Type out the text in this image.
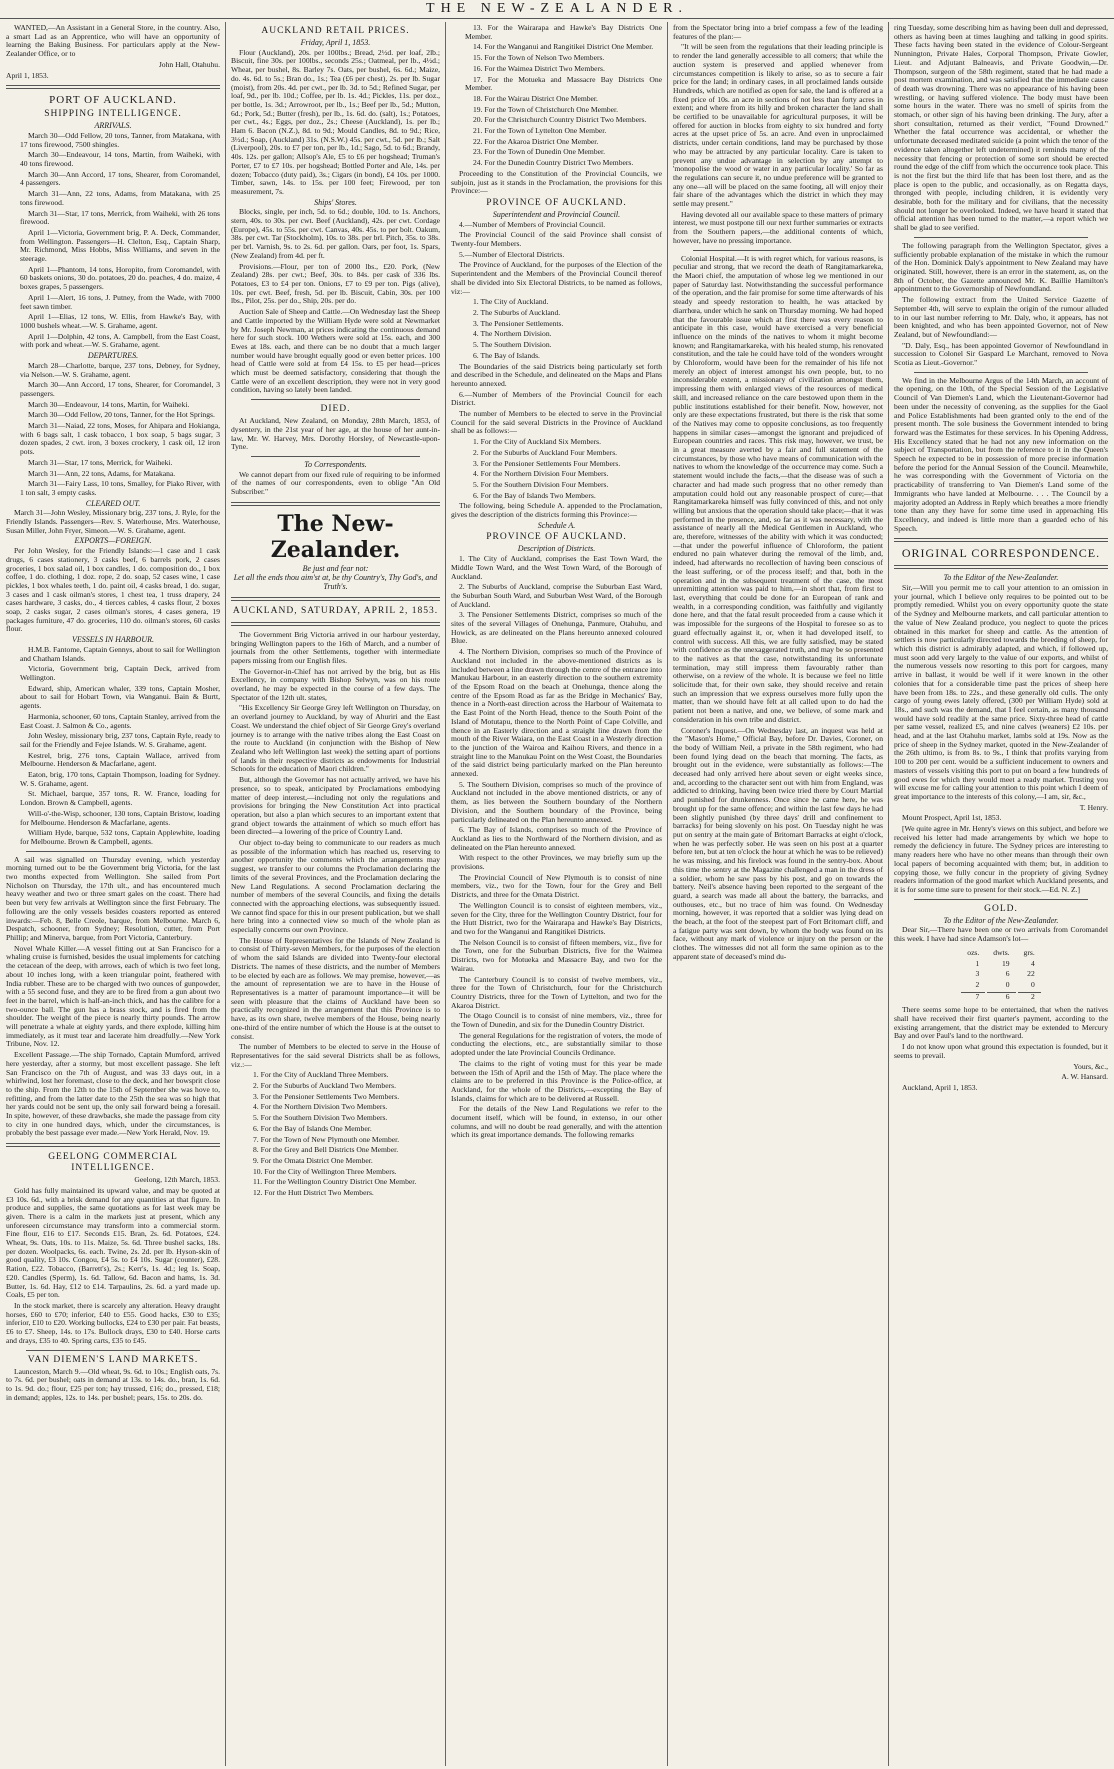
THE NEW-ZEALANDER.

WANTED,—An Assistant in a General Store, in the country. Also, a smart Lad as an Apprentice, who will have an opportunity of learning the Baking Business. For particulars apply at the New-Zealander Office, or to

John Hall, Otahuhu.

April 1, 1853.

PORT OF AUCKLAND.
SHIPPING INTELLIGENCE.
ARRIVALS.

March 30—Odd Fellow, 20 tons, Tanner, from Matakana, with 17 tons firewood, 7500 shingles.

March 30—Endeavour, 14 tons, Martin, from Waiheki, with 40 tons firewood.

March 30—Ann Accord, 17 tons, Shearer, from Coromandel, 4 passengers.

March 31—Ann, 22 tons, Adams, from Matakana, with 25 tons firewood.

March 31—Star, 17 tons, Merrick, from Waiheki, with 26 tons firewood.

April 1—Victoria, Government brig, P. A. Deck, Commander, from Wellington. Passengers—H. Clelton, Esq., Captain Sharp, Mr. Richmond, Miss Hobbs, Miss Williams, and seven in the steerage.

April 1—Phantom, 14 tons, Horopito, from Coromandel, with 60 baskets onions, 30 do. potatoes, 20 do. peaches, 4 do. maize, 4 boxes grapes, 5 passengers.

April 1—Alert, 16 tons, J. Putney, from the Wade, with 7000 feet sawn timber.

April 1—Elias, 12 tons, W. Ellis, from Hawke's Bay, with 1000 bushels wheat.—W. S. Grahame, agent.

April 1—Dolphin, 42 tons, A. Campbell, from the East Coast, with pork and wheat.—W. S. Grahame, agent.

DEPARTURES.

March 28—Charlotte, barque, 237 tons, Debney, for Sydney, via Nelson.—W. S. Grahame, agent.

March 30—Ann Accord, 17 tons, Shearer, for Coromandel, 3 passengers.

March 30—Endeavour, 14 tons, Martin, for Waiheki.

March 30—Odd Fellow, 20 tons, Tanner, for the Hot Springs.

March 31—Naiad, 22 tons, Moses, for Ahipara and Hokianga, with 6 bags salt, 1 cask tobacco, 1 box soap, 5 bags sugar, 3 dozen spades, 2 cwt. iron, 3 boxes crockery, 1 cask oil, 12 iron pots.

March 31—Star, 17 tons, Merrick, for Waiheki.

March 31—Ann, 22 tons, Adams, for Matakana.

March 31—Fairy Lass, 10 tons, Smalley, for Piako River, with 1 ton salt, 3 empty casks.

CLEARED OUT.

March 31—John Wesley, Missionary brig, 237 tons, J. Ryle, for the Friendly Islands. Passengers—Rev. S. Waterhouse, Mrs. Waterhouse, Susan Miller, John Fryer, Simeon.—W. S. Grahame, agent.

EXPORTS—FOREIGN.

Per John Wesley, for the Friendly Islands:—1 case and 1 cask drugs, 6 cases stationery, 3 casks beef, 6 barrels pork, 2 cases groceries, 1 box salad oil, 1 box candles, 1 do. composition do., 1 box coffee, 1 do. clothing, 1 doz. rope, 2 do. soap, 52 cases wine, 1 case pickles, 1 box whales teeth, 1 do. paint oil, 4 casks bread, 1 do. sugar, 3 cases and 1 cask oilman's stores, 1 chest tea, 1 truss drapery, 24 cases hardware, 3 casks, do., 4 tierces cables, 4 casks flour, 2 boxes soap, 2 casks sugar, 2 cases oilman's stores, 4 cases genera, 19 packages furniture, 47 do. groceries, 110 do. oilman's stores, 60 casks flour.

VESSELS IN HARBOUR.

H.M.B. Fantome, Captain Gennys, about to sail for Wellington and Chatham Islands.

Victoria, Government brig, Captain Deck, arrived from Wellington.

Edward, ship, American whaler, 339 tons, Captain Mosher, about to sail for Hobart Town, via Wanganui. Bain & Burtt, agents.

Harmonia, schooner, 60 tons, Captain Stanley, arrived from the East Coast. J. Salmon & Co., agents.

John Wesley, missionary brig, 237 tons, Captain Ryle, ready to sail for the Friendly and Fejee Islands. W. S. Grahame, agent.

Kestrel, brig, 276 tons, Captain Wallace, arrived from Melbourne. Henderson & Macfarlane, agent.

Eaton, brig, 170 tons, Captain Thompson, loading for Sydney. W. S. Grahame, agent.

St. Michael, barque, 357 tons, R. W. France, loading for London. Brown & Campbell, agents.

Will-o'-the-Wisp, schooner, 130 tons, Captain Bristow, loading for Melbourne. Henderson & Macfarlane, agents.

William Hyde, barque, 532 tons, Captain Applewhite, loading for Melbourne. Brown & Campbell, agents.

A sail was signalled on Thursday evening, which yesterday morning turned out to be the Government brig Victoria, for the last two months expected from Wellington. She sailed from Port Nicholson on Thursday, the 17th ult., and has encountered much heavy weather and two or three smart gales on the coast. There had been but very few arrivals at Wellington since the first February. The following are the only vessels besides coasters reported as entered inwards:—Feb. 8, Belle Creole, barque, from Melbourne. March 6, Despatch, schooner, from Sydney; Resolution, cutter, from Port Phillip; and Minerva, barque, from Port Victoria, Canterbury.

Novel Whale Killer.—A vessel fitting out at San Francisco for a whaling cruise is furnished, besides the usual implements for catching the cetacean of the deep, with arrows, each of which is two feet long, about 10 inches long, with a keen triangular point, feathered with India rubber. These are to be charged with two ounces of gunpowder, with a 55 second fuse, and they are to be fired from a gun about two feet in the barrel, which is half-an-inch thick, and has the calibre for a two-ounce ball. The gun has a brass stock, and is fired from the shoulder. The weight of the piece is nearly thirty pounds. The arrow will penetrate a whale at eighty yards, and there explode, killing him immediately, as it must tear and lacerate him dreadfully.—New York Tribune, Nov. 12.

Excellent Passage.—The ship Tornado, Captain Mumford, arrived here yesterday, after a stormy, but most excellent passage. She left San Francisco on the 7th of August, and was 33 days out, in a whirlwind, lost her foremast, close to the deck, and her bowsprit close to the ship. From the 12th to the 15th of September she was hove to, refitting, and from the latter date to the 25th the sea was so high that her yards could not be sent up, the only sail forward being a foresail. In spite, however, of these drawbacks, she made the passage from city to city in one hundred days, which, under the circumstances, is probably the best passage ever made.—New York Herald, Nov. 19.

GEELONG COMMERCIAL INTELLIGENCE.

Geelong, 12th March, 1853.

Gold has fully maintained its upward value, and may be quoted at £3 10s. 6d., with a brisk demand for any quantities at that figure. In produce and supplies, the same quotations as for last week may be given. There is a calm in the markets just at present, which any unforeseen circumstance may transform into a commercial storm. Fine flour, £16 to £17. Seconds £15. Bran, 2s. 6d. Potatoes, £24. Wheat, 9s. Oats, 10s. to 11s. Maize, 5s. 6d. Three bushel sacks, 18s. per dozen. Woolpacks, 6s. each. Twine, 2s. 2d. per lb. Hyson-skin of good quality, £3 10s. Congou, £4 5s. to £4 10s. Sugar (counter), £28. Ration, £22. Tobacco, (Barrett's), 2s.; Kerr's, 1s. 4d.; leg 1s. Soap, £20. Candles (Sperm), 1s. 6d. Tallow, 6d. Bacon and hams, 1s. 3d. Butter, 1s. 6d. Hay, £12 to £14. Tarpaulins, 2s. 6d. a yard made up. Coals, £5 per ton.

In the stock market, there is scarcely any alteration. Heavy draught horses, £60 to £70; inferior, £40 to £55. Good hacks, £30 to £35; inferior, £10 to £20. Working bullocks, £24 to £30 per pair. Fat beasts, £6 to £7. Sheep, 14s. to 17s. Bullock drays, £30 to £40. Horse carts and drays, £35 to 40. Spring carts, £35 to £45.

VAN DIEMEN'S LAND MARKETS.

Launceston, March 9.—Old wheat, 9s. 6d. to 10s.; English oats, 7s. to 7s. 6d. per bushel; oats in demand at 13s. to 14s. do., bran, 1s. 6d. to 1s. 9d. do.; flour, £25 per ton; hay trussed, £16; do., pressed, £18; in demand; apples, 12s. to 14s. per bushel; pears, 15s. to 20s. do.

AUCKLAND RETAIL PRICES.
Friday, April 1, 1853.

Flour (Auckland), 20s. per 100lbs.; Bread, 2½d. per loaf, 2lb.; Biscuit, fine 30s. per 100lbs., seconds 25s.; Oatmeal, per lb., 4½d.; Wheat, per bushel, 8s. Barley 7s. Oats, per bushel, 6s. 6d.; Maize, do. 4s. 6d. to 5s.; Bran do., 1s.; Tea (£6 per chest), 2s. per lb. Sugar (moist), from 20s. 4d. per cwt., per lb. 3d. to 5d.; Refined Sugar, per loaf, 9d., per lb. 10d.; Coffee, per lb. 1s. 4d.; Pickles, 11s. per doz., per bottle, 1s. 3d.; Arrowroot, per lb., 1s.; Beef per lb., 5d.; Mutton, 6d.; Pork, 5d.; Butter (fresh), per lb., 1s. 6d. do. (salt), 1s.; Potatoes, per cwt., 4s.; Eggs, per doz., 2s.; Cheese (Auckland), 1s. per lb.; Ham 6. Bacon (N.Z.), 8d. to 9d.; Mould Candles, 8d. to 9d.; Rice, 3½d.; Soap, (Auckland) 31s. (N.S.W.) 45s. per cwt., 5d. per lb.; Salt (Liverpool), 20s. to £7 per ton, per lb., 1d.; Sago, 5d. to 6d.; Brandy, 40s. 12s. per gallon; Allsop's Ale, £5 to £6 per hogshead; Truman's Porter, £7 to £7 10s. per hogshead; Bottled Porter and Ale, 14s. per dozen; Tobacco (duty paid), 3s.; Cigars (in bond), £4 10s. per 1000. Timber, sawn, 14s. to 15s. per 100 feet; Firewood, per ton measurement, 7s.

Ships' Stores.

Blocks, single, per inch, 5d. to 6d.; double, 10d. to 1s. Anchors, stern, 40s. to 30s. per cwt. Beef (Auckland), 42s. per cwt. Cordage (Europe), 45s. to 55s. per cwt. Canvas, 40s. 45s. to per bolt. Oakum, 38s. per cwt. Tar (Stockholm), 10s. to 38s. per brl. Pitch, 35s. to 38s. per brl. Varnish, 9s. to 2s. 6d. per gallon. Oars, per foot, 1s. Spars, (New Zealand) from 4d. per ft.

Provisions.—Flour, per ton of 2000 lbs., £20. Pork, (New Zealand) 28s. per cwt.; Beef, 30s. to 84s. per cask of 336 lbs. Potatoes, £3 to £4 per ton. Onions, £7 to £9 per ton. Pigs (alive), 10s. per cwt. Beef, fresh, 5d. per lb. Biscuit, Cabin, 30s. per 100 lbs., Pilot, 25s. per do., Ship, 20s. per do.

Auction Sale of Sheep and Cattle.—On Wednesday last the Sheep and Cattle imported by the William Hyde were sold at Newmarket by Mr. Joseph Newman, at prices indicating the continuous demand here for such stock. 100 Wethers were sold at 15s. each, and 300 Ewes at 18s. each, and there can be no doubt that a much larger number would have brought equally good or even better prices. 100 head of Cattle were sold at from £4 15s. to £5 per head—prices which must be deemed satisfactory, considering that though the Cattle were of an excellent description, they were not in very good condition, having so lately been landed.

DIED.

At Auckland, New Zealand, on Monday, 28th March, 1853, of dysentery, in the 21st year of her age, at the house of her aunt-in-law, Mr. W. Harvey, Mrs. Dorothy Horsley, of Newcastle-upon-Tyne.

To Correspondents.

We cannot depart from our fixed rule of requiring to be informed of the names of our correspondents, even to oblige "An Old Subscriber."

The New-Zealander.
Be just and fear not:
Let all the ends thou aim'st at, be thy Country's, Thy God's, and Truth's.
AUCKLAND, SATURDAY, APRIL 2, 1853.

The Government Brig Victoria arrived in our harbour yesterday, bringing Wellington papers to the 16th of March, and a number of journals from the other Settlements, together with intermediate papers missing from our English files.

The Governor-in-Chief has not arrived by the brig, but as His Excellency, in company with Bishop Selwyn, was on his route overland, he may be expected in the course of a few days. The Spectator of the 12th ult. states,

"His Excellency Sir George Grey left Wellington on Thursday, on an overland journey to Auckland, by way of Ahuriri and the East Coast. We understand the chief object of Sir George Grey's overland journey is to arrange with the native tribes along the East Coast on the route to Auckland (in conjunction with the Bishop of New Zealand who left Wellington last week) the setting apart of portions of lands in their respective districts as endowments for Industrial Schools for the education of Maori children."

But, although the Governor has not actually arrived, we have his presence, so to speak, anticipated by Proclamations embodying matter of deep interest,—including not only the regulations and provisions for bringing the New Constitution Act into practical operation, but also a plan which secures to an important extent that grand object towards the attainment of which so much effort has been directed—a lowering of the price of Country Land.

Our object to-day being to communicate to our readers as much as possible of the information which has reached us, reserving to another opportunity the comments which the arrangements may suggest, we transfer to our columns the Proclamation declaring the limits of the several Provinces, and the Proclamation declaring the New Land Regulations. A second Proclamation declaring the number of members of the several Councils, and fixing the details connected with the approaching elections, was subsequently issued. We cannot find space for this in our present publication, but we shall here bring into a connected view so much of the whole plan as especially concerns our own Province.

The House of Representatives for the Islands of New Zealand is to consist of Thirty-seven Members, for the purposes of the election of whom the said Islands are divided into Twenty-four electoral Districts. The names of these districts, and the number of Members to be elected by each are as follows. We may premise, however,—as the amount of representation we are to have in the House of Representatives is a matter of paramount importance—it will be seen with pleasure that the claims of Auckland have been so practically recognized in the arrangement that this Province is to have, as its own share, twelve members of the House, being nearly one-third of the entire number of which the House is at the outset to consist.

The number of Members to be elected to serve in the House of Representatives for the said several Districts shall be as follows, viz.:—

1. For the City of Auckland Three Members.

2. For the Suburbs of Auckland Two Members.

3. For the Pensioner Settlements Two Members.

4. For the Northern Division Two Members.

5. For the Southern Division Two Members.

6. For the Bay of Islands One Member.

7. For the Town of New Plymouth one Member.

8. For the Grey and Bell Districts One Member.

9. For the Omata District One Member.

10. For the City of Wellington Three Members.

11. For the Wellington Country District One Member.

12. For the Hutt District Two Members.

13. For the Wairarapa and Hawke's Bay Districts One Member.

14. For the Wanganui and Rangitikei District One Member.

15. For the Town of Nelson Two Members.

16. For the Waimea District Two Members.

17. For the Motueka and Massacre Bay Districts One Member.

18. For the Wairau District One Member.

19. For the Town of Christchurch One Member.

20. For the Christchurch Country District Two Members.

21. For the Town of Lyttelton One Member.

22. For the Akaroa District One Member.

23. For the Town of Dunedin One Member.

24. For the Dunedin Country District Two Members.

Proceeding to the Constitution of the Provincial Councils, we subjoin, just as it stands in the Proclamation, the provisions for this Province:—

PROVINCE OF AUCKLAND.
Superintendent and Provincial Council.

4.—Number of Members of Provincial Council.

The Provincial Council of the said Province shall consist of Twenty-four Members.

5.—Number of Electoral Districts.

The Province of Auckland, for the purposes of the Election of the Superintendent and the Members of the Provincial Council thereof shall be divided into Six Electoral Districts, to be named as follows, viz:—

1. The City of Auckland.

2. The Suburbs of Auckland.

3. The Pensioner Settlements.

4. The Northern Division.

5. The Southern Division.

6. The Bay of Islands.

The Boundaries of the said Districts being particularly set forth and described in the Schedule, and delineated on the Maps and Plans hereunto annexed.

6.—Number of Members of the Provincial Council for each District.

The number of Members to be elected to serve in the Provincial Council for the said several Districts in the Province of Auckland shall be as follows:—

1. For the City of Auckland Six Members.

2. For the Suburbs of Auckland Four Members.

3. For the Pensioner Settlements Four Members.

4. For the Northern Division Four Members.

5. For the Southern Division Four Members.

6. For the Bay of Islands Two Members.

The following, being Schedule A. appended to the Proclamation, gives the description of the districts forming this Province:—

Schedule A.
PROVINCE OF AUCKLAND.
Description of Districts.

1. The City of Auckland, comprises the East Town Ward, the Middle Town Ward, and the West Town Ward, of the Borough of Auckland.

2. The Suburbs of Auckland, comprise the Suburban East Ward, the Suburban South Ward, and Suburban West Ward, of the Borough of Auckland.

3. The Pensioner Settlements District, comprises so much of the sites of the several Villages of Onehunga, Panmure, Otahuhu, and Howick, as are delineated on the Plans hereunto annexed coloured Blue.

4. The Northern Division, comprises so much of the Province of Auckland not included in the above-mentioned districts as is included between a line drawn through the centre of the entrance into Manukau Harbour, in an easterly direction to the southern extremity of the Epsom Road on the beach at Onehunga, thence along the centre of the Epsom Road as far as the Bridge in Mechanics' Bay, thence in a North-east direction across the Harbour of Waitemata to the East Point of the North Head, thence to the South Point of the Island of Motutapu, thence to the North Point of Cape Colville, and thence in an Easterly direction and a straight line drawn from the mouth of the River Waiara, on the East Coast in a Westerly direction to the junction of the Wairoa and Kaihou Rivers, and thence in a straight line to the Manukau Point on the West Coast, the Boundaries of the said district being particularly marked on the Plan hereunto annexed.

5. The Southern Division, comprises so much of the province of Auckland not included in the above mentioned districts, or any of them, as lies between the Southern boundary of the Northern Division, and the Southern boundary of the Province, being particularly delineated on the Plan hereunto annexed.

6. The Bay of Islands, comprises so much of the Province of Auckland as lies to the Northward of the Northern division, and as delineated on the Plan hereunto annexed.

With respect to the other Provinces, we may briefly sum up the provisions.

The Provincial Council of New Plymouth is to consist of nine members, viz., two for the Town, four for the Grey and Bell Districts, and three for the Omata District.

The Wellington Council is to consist of eighteen members, viz., seven for the City, three for the Wellington Country District, four for the Hutt District, two for the Wairarapa and Hawke's Bay Districts, and two for the Wanganui and Rangitikei Districts.

The Nelson Council is to consist of fifteen members, viz., five for the Town, one for the Suburban Districts, five for the Waimea Districts, two for Motueka and Massacre Bay, and two for the Wairau.

The Canterbury Council is to consist of twelve members, viz., three for the Town of Christchurch, four for the Christchurch Country Districts, three for the Town of Lyttelton, and two for the Akaroa District.

The Otago Council is to consist of nine members, viz., three for the Town of Dunedin, and six for the Dunedin Country District.

The general Regulations for the registration of voters, the mode of conducting the elections, etc., are substantially similar to those adopted under the late Provincial Councils Ordinance.

The claims to the right of voting must for this year be made between the 15th of April and the 15th of May. The place where the claims are to be preferred in this Province is the Police-office, at Auckland, for the whole of the Districts,—excepting the Bay of Islands, claims for which are to be delivered at Russell.

For the details of the New Land Regulations we refer to the document itself, which will be found, in extenso, in our other columns, and will no doubt be read generally, and with the attention which its great importance demands. The following remarks

from the Spectator bring into a brief compass a few of the leading features of the plan:—

"It will be seen from the regulations that their leading principle is to render the land generally accessible to all comers; that while the auction system is preserved and applied whenever from circumstances competition is likely to arise, so as to secure a fair price for the land; in ordinary cases, in all proclaimed lands outside Hundreds, which are notified as open for sale, the land is offered at a fixed price of 10s. an acre in sections of not less than forty acres in extent; and where from its hilly and broken character the land shall be certified to be unavailable for agricultural purposes, it will be offered for auction in blocks from eighty to six hundred and forty acres at the upset price of 5s. an acre. And even in unproclaimed districts, under certain conditions, land may be purchased by those who may be attracted by any particular locality. Care is taken to prevent any undue advantage in selection by any attempt to 'monopolise the wood or water in any particular locality.' So far as the regulations can secure it, no undue preference will be granted to any one—all will be placed on the same footing, all will enjoy their fair share of the advantages which the district in which they may settle may present."

Having devoted all our available space to these matters of primary interest, we must postpone till our next further summaries or extracts from the Southern papers,—the additional contents of which, however, have no pressing importance.

Colonial Hospital.—It is with regret which, for various reasons, is peculiar and strong, that we record the death of Rangitamarkareka, the Maori chief, the amputation of whose leg we mentioned in our paper of Saturday last. Notwithstanding the successful performance of the operation, and the fair promise for some time afterwards of his steady and speedy restoration to health, he was attacked by diarrhœa, under which he sank on Thursday morning. We had hoped that the favourable issue which at first there was every reason to anticipate in this case, would have exercised a very beneficial influence on the minds of the natives to whom it might become known; and Rangitamarkareka, with his healed stump, his renovated constitution, and the tale he could have told of the wonders wrought by Chloroform, would have been for the remainder of his life not merely an object of interest amongst his own people, but, to no inconsiderable extent, a missionary of civilization amongst them, impressing them with enlarged views of the resources of medical skill, and increased reliance on the care bestowed upon them in the public institutions established for their benefit. Now, however, not only are these expectations frustrated, but there is the risk that some of the Natives may come to opposite conclusions, as too frequently happens in similar cases—amongst the ignorant and prejudiced of European countries and races. This risk may, however, we trust, be in a great measure averted by a fair and full statement of the circumstances, by those who have means of communication with the natives to whom the knowledge of the occurrence may come. Such a statement would include the facts,—that the disease was of such a character and had made such progress that no other remedy than amputation could hold out any reasonable prospect of cure;—that Rangitamarkareka himself was fully convinced of this, and not only willing but anxious that the operation should take place;—that it was performed in the presence, and, so far as it was necessary, with the assistance of nearly all the Medical Gentlemen in Auckland, who are, therefore, witnesses of the ability with which it was conducted;—that under the powerful influence of Chloroform, the patient endured no pain whatever during the removal of the limb, and, indeed, had afterwards no recollection of having been conscious of the least suffering, or of the process itself; and that, both in the operation and in the subsequent treatment of the case, the most unremitting attention was paid to him,—in short that, from first to last, everything that could be done for an European of rank and wealth, in a corresponding condition, was faithfully and vigilantly done here, and that the fatal result proceeded from a cause which it was impossible for the surgeons of the Hospital to foresee so as to guard effectually against it, or, when it had developed itself, to control with success. All this, we are fully satisfied, may be stated with confidence as the unexaggerated truth, and may be so presented to the natives as that the case, notwithstanding its unfortunate termination, may still impress them favourably rather than otherwise, on a review of the whole. It is because we feel no little solicitude that, for their own sake, they should receive and retain such an impression that we express ourselves more fully upon the matter, than we should have felt at all called upon to do had the patient not been a native, and one, we believe, of some mark and consideration in his own tribe and district.

Coroner's Inquest.—On Wednesday last, an inquest was held at the "Mason's Home," Official Bay, before Dr. Davies, Coroner, on the body of William Neil, a private in the 58th regiment, who had been found lying dead on the beach that morning. The facts, as brought out in the evidence, were substantially as follows:—The deceased had only arrived here about seven or eight weeks since, and, according to the character sent out with him from England, was addicted to drinking, having been twice tried there by Court Martial and punished for drunkenness. Once since he came here, he was brought up for the same offence; and within the last few days he had been slightly punished (by three days' drill and confinement to barracks) for being slovenly on his post. On Tuesday night he was put on sentry at the main gate of Britomart Barracks at eight o'clock, when he was perfectly sober. He was seen on his post at a quarter before ten, but at ten o'clock the hour at which he was to be relieved) he was missing, and his firelock was found in the sentry-box. About this time the sentry at the Magazine challenged a man in the dress of a soldier, whom he saw pass by his post, and go on towards the battery. Neil's absence having been reported to the sergeant of the guard, a search was made all about the battery, the barracks, and outhouses, etc., but no trace of him was found. On Wednesday morning, however, it was reported that a soldier was lying dead on the beach, at the foot of the steepest part of Fort Britomart cliff, and a fatigue party was sent down, by whom the body was found on its face, without any mark of violence or injury on the person or the clothes. The witnesses did not all form the same opinion as to the apparent state of deceased's mind du-

ring Tuesday, some describing him as having been dull and depressed, others as having been at times laughing and talking in good spirits. These facts having been stated in the evidence of Colour-Sergeant Nunnington, Private Hales, Corporal Thompson, Private Gowler, Lieut. and Adjutant Balneavis, and Private Goodwin,—Dr. Thompson, surgeon of the 58th regiment, stated that he had made a post mortem examination, and was satisfied that the immediate cause of death was drowning. There was no appearance of his having been wrestling, or having suffered violence. The body must have been some hours in the water. There was no smell of spirits from the stomach, or other sign of his having been drinking. The Jury, after a short consultation, returned as their verdict, "Found Drowned." Whether the fatal occurrence was accidental, or whether the unfortunate deceased meditated suicide (a point which the tenor of the evidence taken altogether left undetermined) it reminds many of the necessity that fencing or protection of some sort should be erected round the edge of the cliff from which the occurrence took place. This is not the first but the third life that has been lost there, and as the place is open to the public, and occasionally, as on Regatta days, thronged with people, including children, it is evidently very desirable, both for the military and for civilians, that the necessity should not longer be overlooked. Indeed, we have heard it stated that official attention has been turned to the matter,—a report which we shall be glad to see verified.

The following paragraph from the Wellington Spectator, gives a sufficiently probable explanation of the mistake in which the rumour of the Hon. Dominick Daly's appointment to New Zealand may have originated. Still, however, there is an error in the statement, as, on the 8th of October, the Gazette announced Mr. K. Baillie Hamilton's appointment to the Governorship of Newfoundland.

The following extract from the United Service Gazette of September 4th, will serve to explain the origin of the rumour alluded to in our last number referring to Mr. Daly, who, it appears, has not been knighted, and who has been appointed Governor, not of New Zealand, but of Newfoundland:—

"D. Daly, Esq., has been appointed Governor of Newfoundland in succession to Colonel Sir Gaspard Le Marchant, removed to Nova Scotia as Lieut.-Governor."

We find in the Melbourne Argus of the 14th March, an account of the opening, on the 10th, of the Special Session of the Legislative Council of Van Diemen's Land, which the Lieutenant-Governor had been under the necessity of convening, as the supplies for the Gaol and Police Establishments had been granted only to the end of the present month. The sole business the Government intended to bring forward was the Estimates for these services. In his Opening Address, His Excellency stated that he had not any new information on the subject of Transportation, but from the reference to it in the Queen's Speech he expected to be in possession of more precise information before the period for the Annual Session of the Council. Meanwhile, he was corresponding with the Government of Victoria on the practicability of transferring to Van Diemen's Land some of the Immigrants who have landed at Melbourne. . . . The Council by a majority adopted an Address in Reply which breathes a more friendly tone than any they have for some time used in approaching His Excellency, and indeed is little more than a guarded echo of his Speech.

ORIGINAL CORRESPONDENCE.
To the Editor of the New-Zealander.

Sir,—Will you permit me to call your attention to an omission in your journal, which I believe only requires to be pointed out to be promptly remedied. Whilst you on every opportunity quote the state of the Sydney and Melbourne markets, and call particular attention to the value of New Zealand produce, you neglect to quote the prices obtained in this market for sheep and cattle. As the attention of settlers is now particularly directed towards the breeding of sheep, for which this district is admirably adapted, and which, if followed up, must soon add very largely to the value of our exports, and whilst of the numerous vessels now resorting to this port for cargoes, many arrive in ballast, it would be well if it were known in the other colonies that for a considerable time past the prices of sheep here have been from 18s. to 22s., and these generally old culls. The only cargo of young ewes lately offered, (300 per William Hyde) sold at 18s., and such was the demand, that I feel certain, as many thousand would have sold readily at the same price. Sixty-three head of cattle per same vessel, realized £5, and nine calves (weaners) £2 10s. per head, and at the last Otahuhu market, lambs sold at 19s. Now as the price of sheep in the Sydney market, quoted in the New-Zealander of the 26th ultimo, is from 8s. to 9s., I think that profits varying from 100 to 200 per cent. would be a sufficient inducement to owners and masters of vessels visiting this port to put on board a few hundreds of good ewes for which they would meet a ready market. Trusting you will excuse me for calling your attention to this point which I deem of great importance to the interests of this colony,—I am, sir, &c.,

T. Henry.

Mount Prospect, April 1st, 1853.

[We quite agree in Mr. Henry's views on this subject, and before we received his letter had made arrangements by which we hope to remedy the deficiency in future. The Sydney prices are interesting to many readers here who have no other means than through their own local papers of becoming acquainted with them; but, in addition to copying those, we fully concur in the propriety of giving Sydney readers information of the good market which Auckland presents, and it is for some time sure to present for their stock.—Ed. N. Z.]

GOLD.
To the Editor of the New-Zealander.

Dear Sir,—There have been one or two arrivals from Coromandel this week. I have had since Adamson's lot—

ozs.	dwts.	grs.
1	19	4
3	6	22
2	0	0
7	6	2

There seems some hope to be entertained, that when the natives shall have received their first quarter's payment, according to the existing arrangement, that the district may be extended to Mercury Bay and over Paul's land to the northward.

I do not know upon what ground this expectation is founded, but it seems to prevail.

Yours, &c.,

A. W. Hansard.

Auckland, April 1, 1853.
